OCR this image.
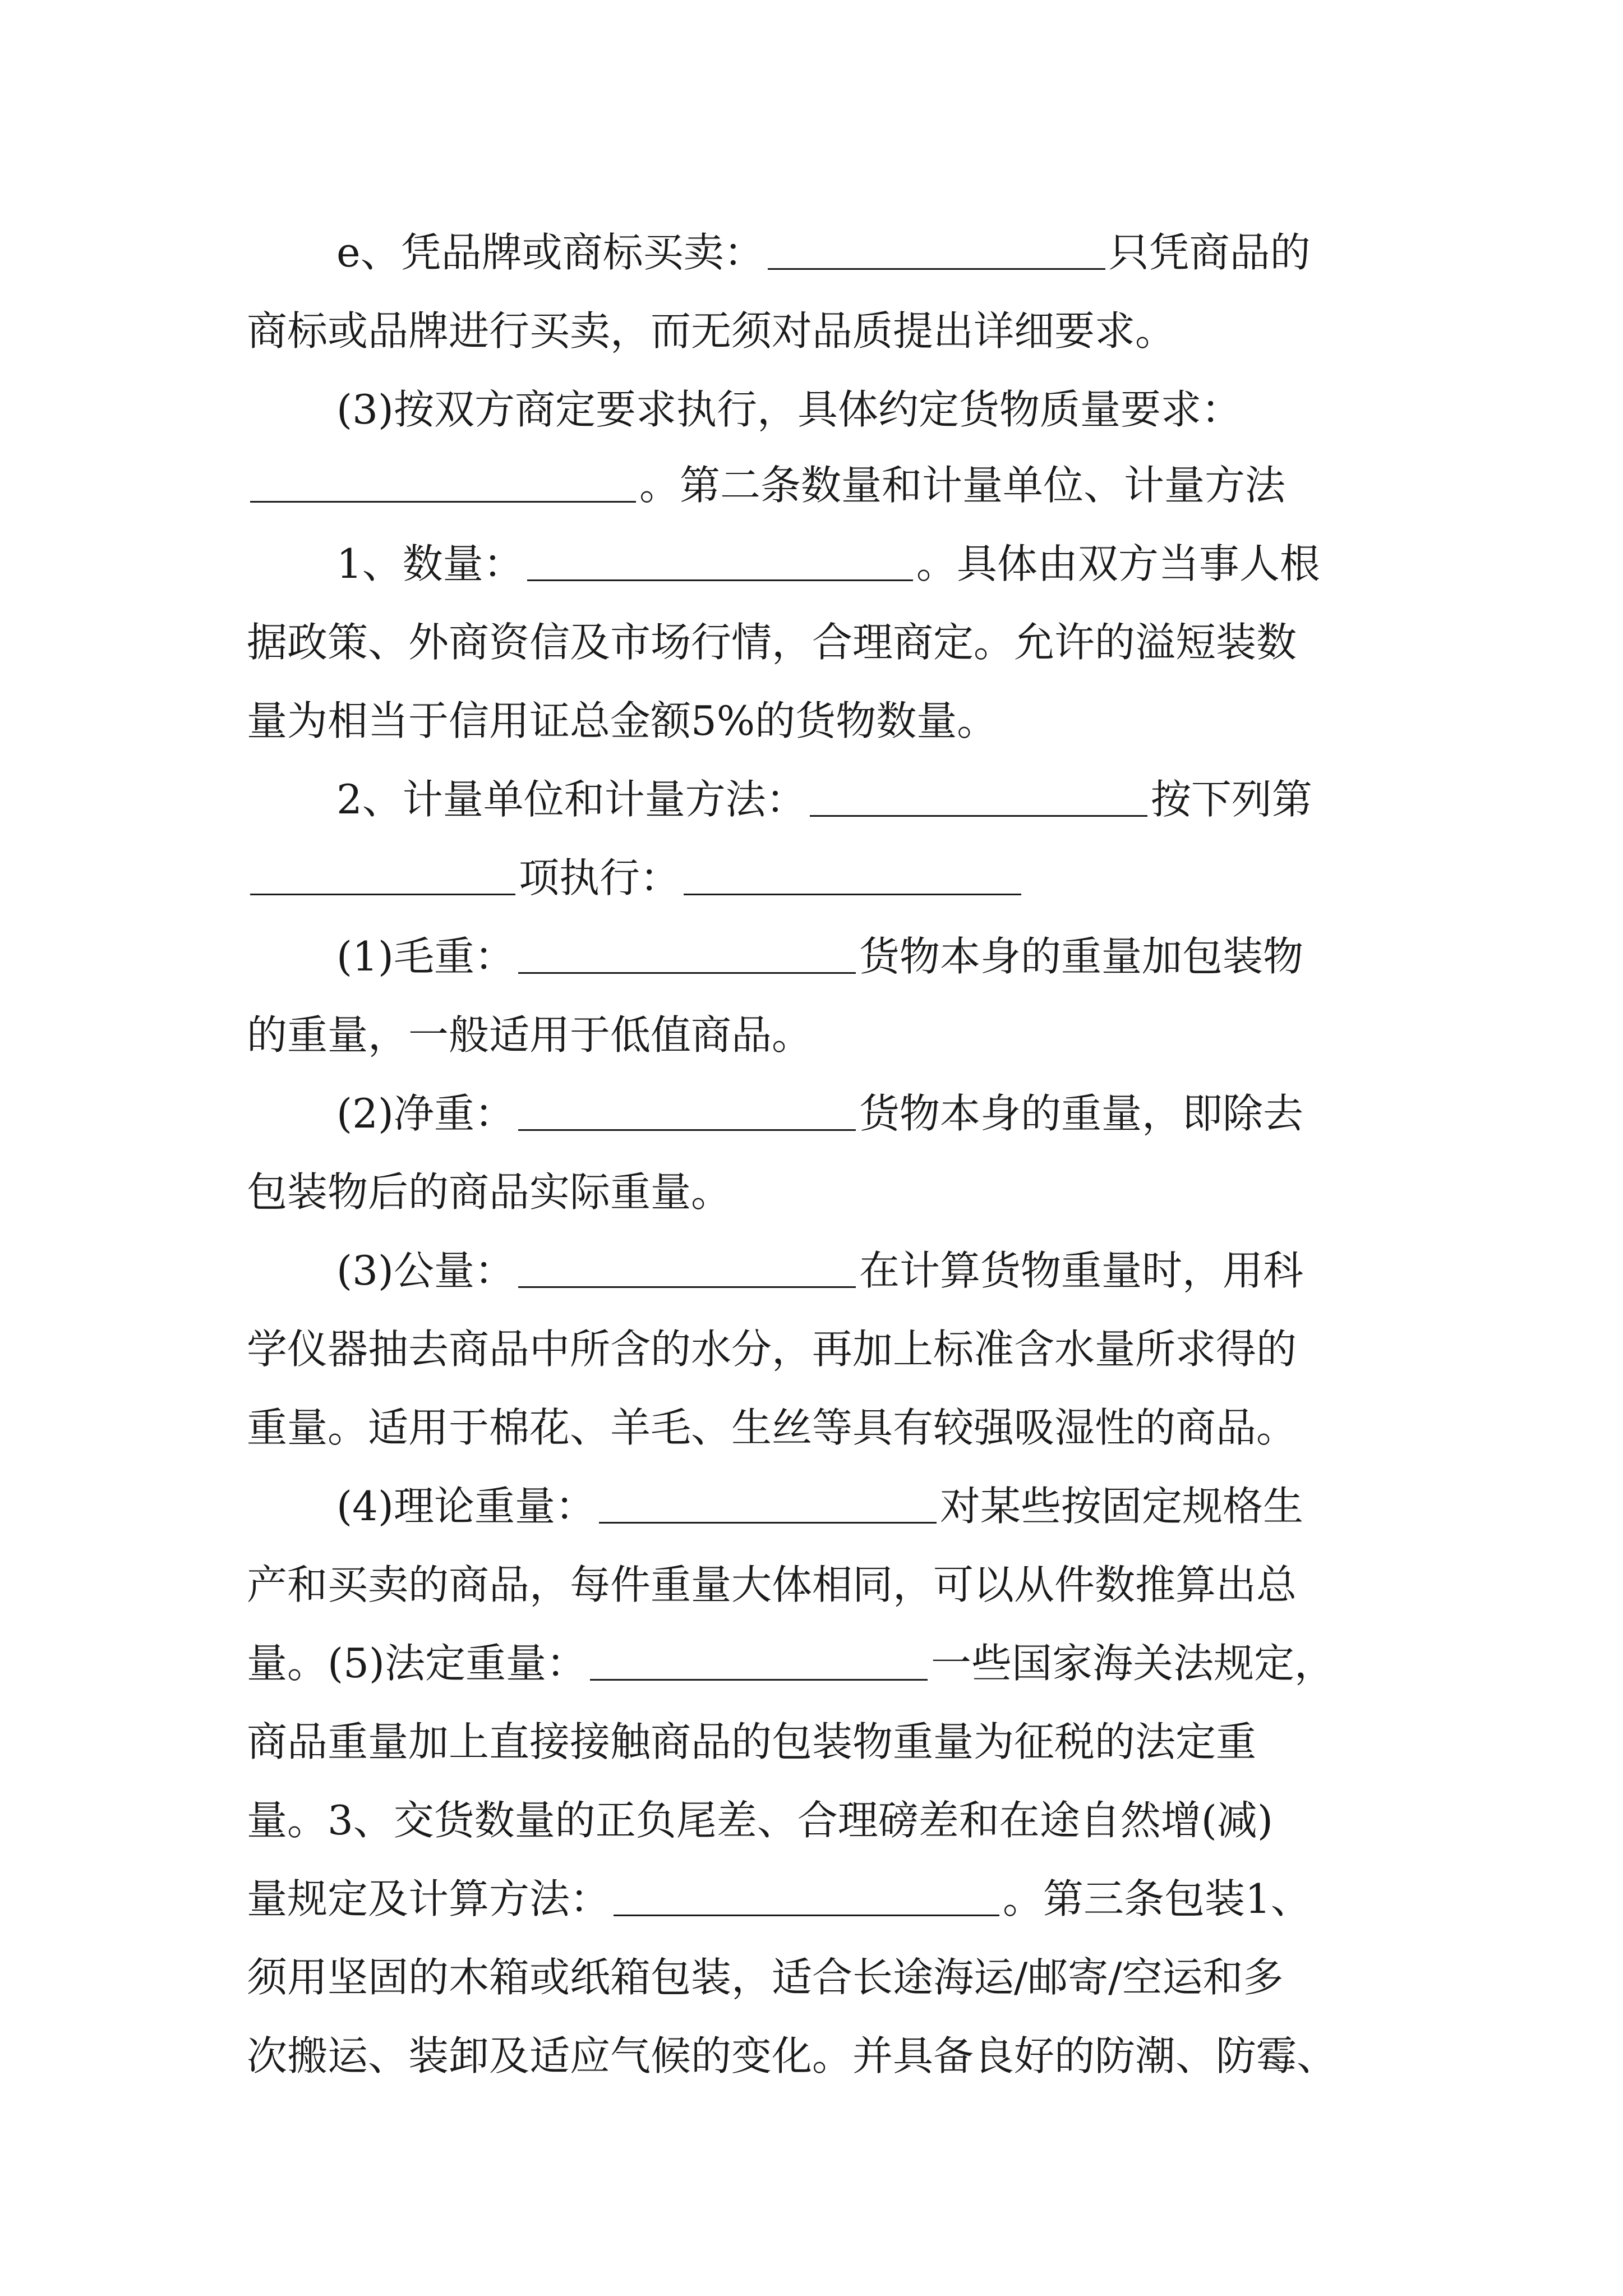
e、凭品牌或商标买卖：	只凭商品的
商标或品牌进行买卖，而无须对品质提出详细要求。
(3)按双方商定要求执行，具体约定货物质量要求：
。第二条数量和计量单位、计量方法
1、数量：	。具体由双方当事人根
据政策、外商资信及市场行情，合理商定。允许的溢短装数
量为相当于信用证总金额5%的货物数量。
2、计量单位和计量方法：	按下列第
项执行：
(1)毛重：	货物本身的重量加包装物
的重量，一般适用于低值商品。
(2)净重：	货物本身的重量，即除去
包装物后的商品实际重量。
(3)公量：	在计算货物重量时，用科
学仪器抽去商品中所含的水分，再加上标准含水量所求得的
重量。适用于棉花、羊毛、生丝等具有较强吸湿性的商品。
(4)理论重量：	对某些按固定规格生
产和买卖的商品，每件重量大体相同，可以从件数推算出总
量。(5)法定重量：	一些国家海关法规定，
商品重量加上直接接触商品的包装物重量为征税的法定重
量。3、交货数量的正负尾差、合理磅差和在途自然增(减)
量规定及计算方法：	。第三条包装1、
须用坚固的木箱或纸箱包装，适合长途海运/邮寄/空运和多
次搬运、装卸及适应气候的变化。并具备良好的防潮、防霉、
